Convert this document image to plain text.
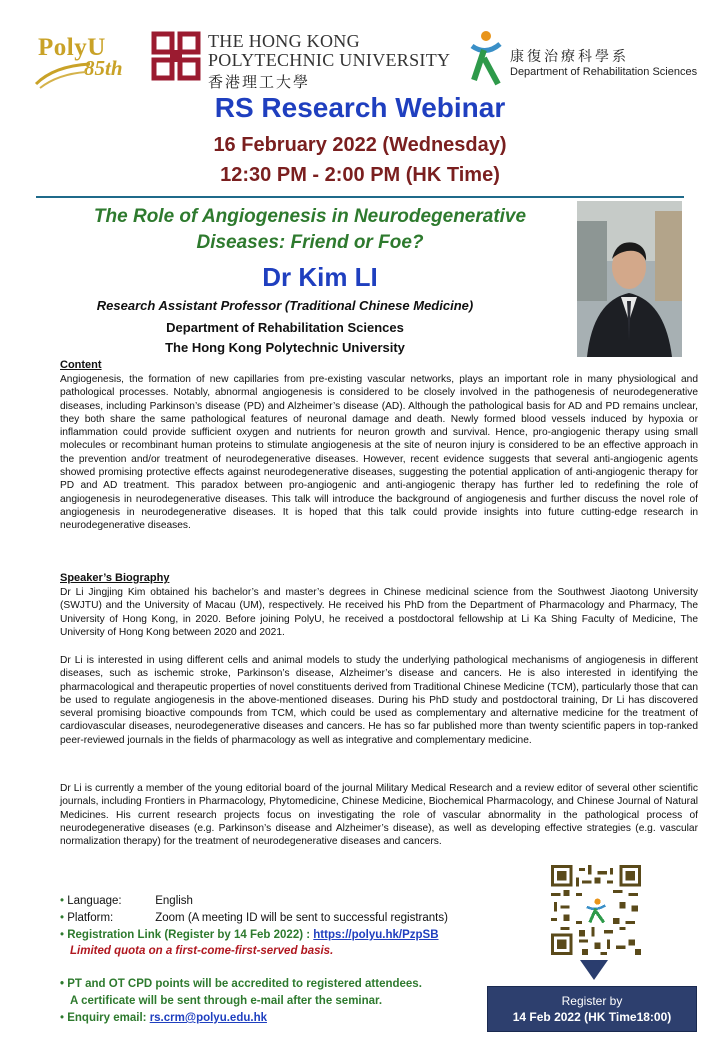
PolyU
85th
THE HONG KONG
POLYTECHNIC UNIVERSITY
香港理工大學
康復治療科學系
Department of Rehabilitation Sciences
RS Research Webinar
16 February 2022 (Wednesday)
12:30 PM - 2:00 PM (HK Time)
The Role of Angiogenesis in Neurodegenerative
Diseases: Friend or Foe?
Dr Kim LI
Research Assistant Professor (Traditional Chinese Medicine)
Department of Rehabilitation Sciences
The Hong Kong Polytechnic University
Content

Angiogenesis, the formation of new capillaries from pre-existing vascular networks, plays an important role in many physiological and pathological processes. Notably, abnormal angiogenesis is considered to be closely involved in the pathogenesis of neurodegenerative diseases, including Parkinson’s disease (PD) and Alzheimer’s disease (AD). Although the pathological basis for AD and PD remains unclear, they both share the same pathological features of neuronal damage and death. Newly formed blood vessels induced by hypoxia or inflammation could provide sufficient oxygen and nutrients for neuron growth and survival. Hence, pro-angiogenic therapy using small molecules or recombinant human proteins to stimulate angiogenesis at the site of neuron injury is considered to be an effective approach in the prevention and/or treatment of neurodegenerative diseases. However, recent evidence suggests that several anti-angiogenic agents showed promising protective effects against neurodegenerative diseases, suggesting the potential application of anti-angiogenic therapy for PD and AD treatment. This paradox between pro-angiogenic and anti-angiogenic therapy has further led to redefining the role of angiogenesis in neurodegenerative diseases. This talk will introduce the background of angiogenesis and further discuss the novel role of angiogenesis in neurodegenerative diseases. It is hoped that this talk could provide insights into future cutting-edge research in neurodegenerative diseases.

Speaker’s Biography

Dr Li Jingjing Kim obtained his bachelor’s and master’s degrees in Chinese medicinal science from the Southwest Jiaotong University (SWJTU) and the University of Macau (UM), respectively. He received his PhD from the Department of Pharmacology and Pharmacy, The University of Hong Kong, in 2020. Before joining PolyU, he received a postdoctoral fellowship at Li Ka Shing Faculty of Medicine, The University of Hong Kong between 2020 and 2021.

Dr Li is interested in using different cells and animal models to study the underlying pathological mechanisms of angiogenesis in different diseases, such as ischemic stroke, Parkinson’s disease, Alzheimer’s disease and cancers. He is also interested in identifying the pharmacological and therapeutic properties of novel constituents derived from Traditional Chinese Medicine (TCM), particularly those that can be used to regulate angiogenesis in the above-mentioned diseases. During his PhD study and postdoctoral training, Dr Li has discovered several promising bioactive compounds from TCM, which could be used as complementary and alternative medicine for the treatment of cardiovascular diseases, neurodegenerative diseases and cancers. He has so far published more than twenty scientific papers in top-ranked peer-reviewed journals in the fields of pharmacology as well as integrative and complementary medicine.

Dr Li is currently a member of the young editorial board of the journal Military Medical Research and a review editor of several other scientific journals, including Frontiers in Pharmacology, Phytomedicine, Chinese Medicine, Biochemical Pharmacology, and Chinese Journal of Natural Medicines. His current research projects focus on investigating the role of vascular abnormality in the pathological process of neurodegenerative diseases (e.g. Parkinson’s disease and Alzheimer’s disease), as well as developing effective strategies (e.g. vascular normalization therapy) for the treatment of neurodegenerative diseases and cancers.

• Language:	English
• Platform:	Zoom (A meeting ID will be sent to successful registrants)
• Registration Link (Register by 14 Feb 2022) : https://polyu.hk/PzpSB
Limited quota on a first-come-first-served basis.
• PT and OT CPD points will be accredited to registered attendees.
A certificate will be sent through e-mail after the seminar.
• Enquiry email: rs.crm@polyu.edu.hk
Register by
14 Feb 2022 (HK Time18:00)
